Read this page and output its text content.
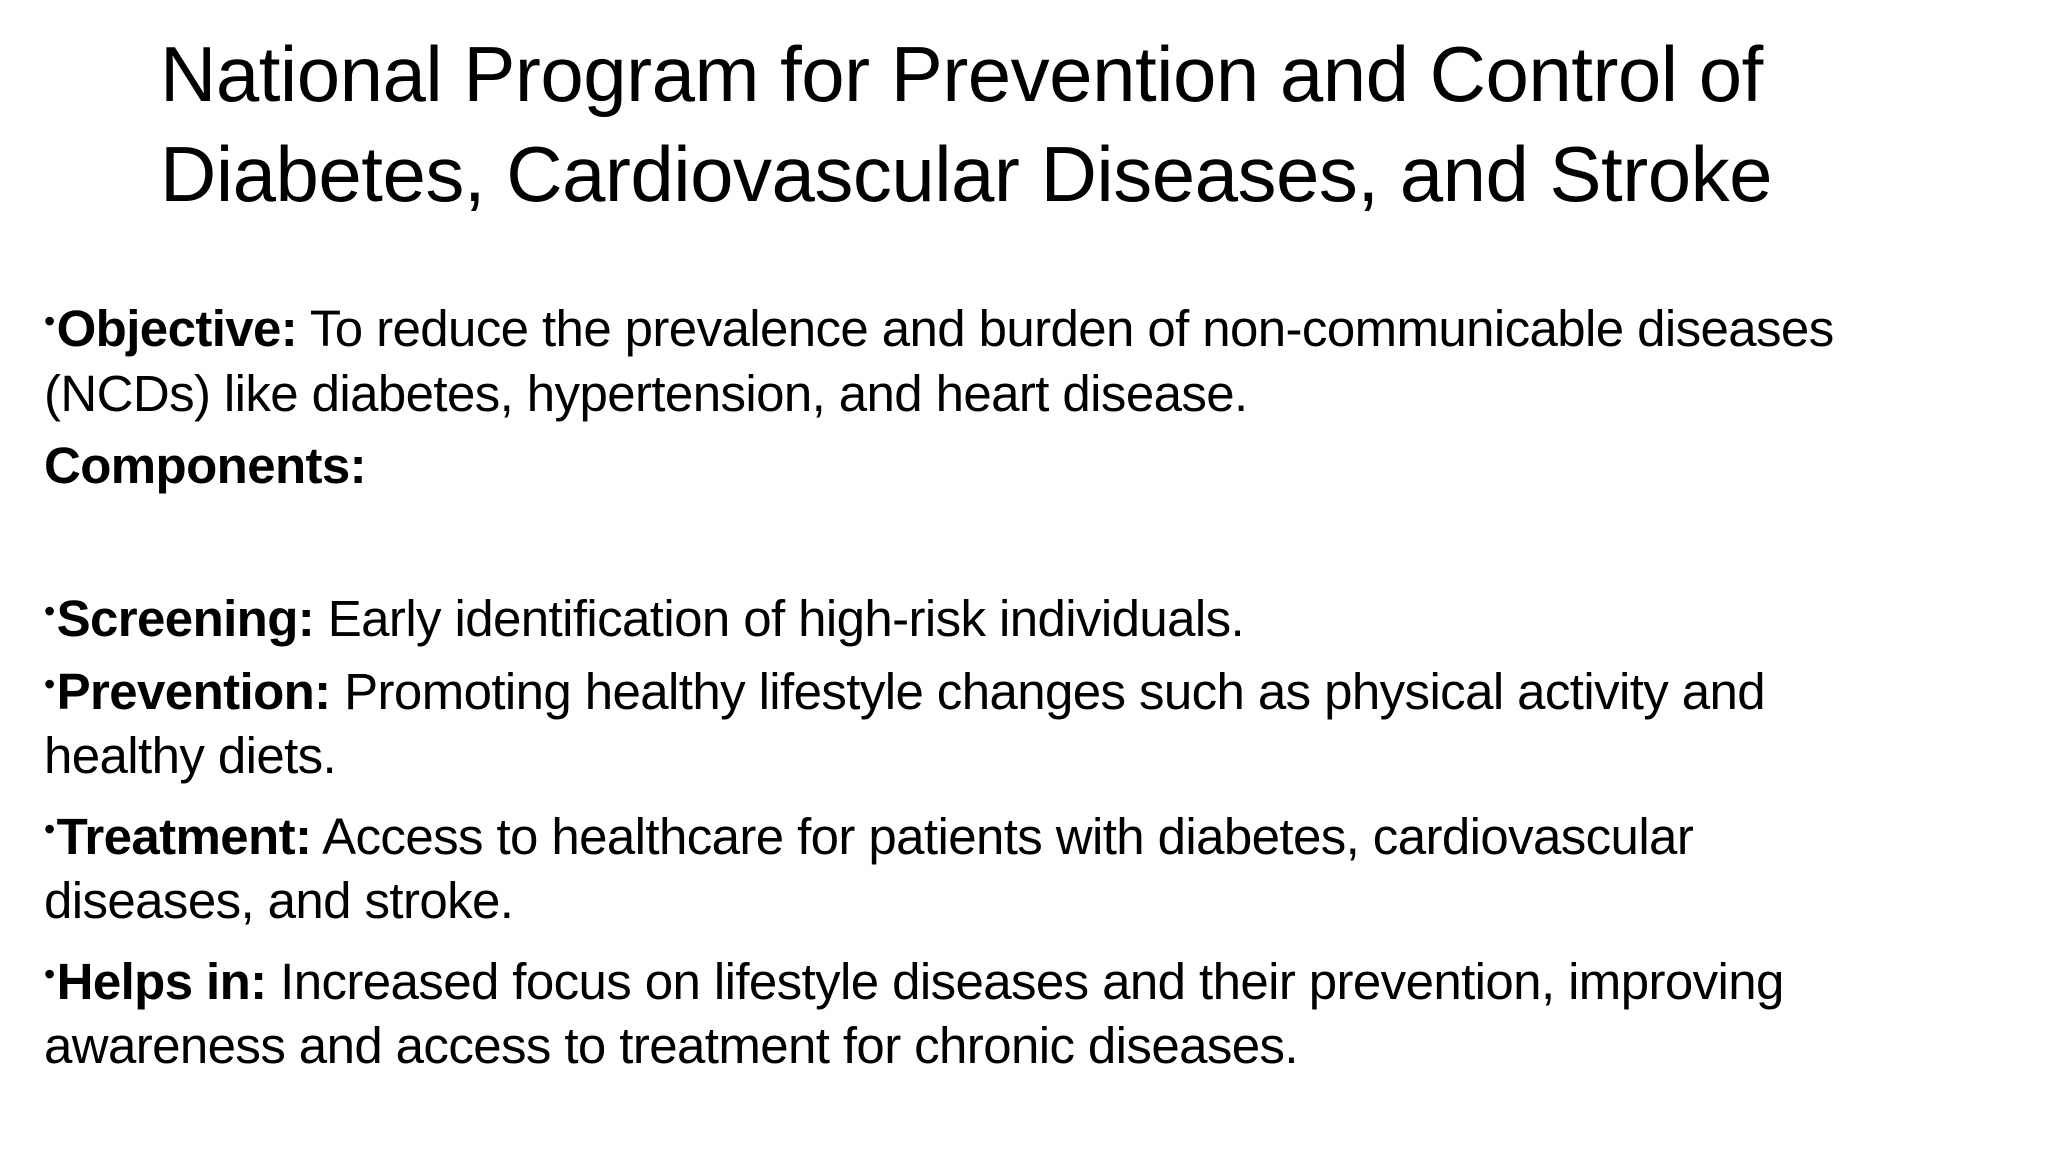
National Program for Prevention and Control of
Diabetes, Cardiovascular Diseases, and Stroke
•Objective: To reduce the prevalence and burden of non-communicable diseases
(NCDs) like diabetes, hypertension, and heart disease.
Components:
•Screening: Early identification of high-risk individuals.
•Prevention: Promoting healthy lifestyle changes such as physical activity and
healthy diets.
•Treatment: Access to healthcare for patients with diabetes, cardiovascular
diseases, and stroke.
•Helps in: Increased focus on lifestyle diseases and their prevention, improving
awareness and access to treatment for chronic diseases.
